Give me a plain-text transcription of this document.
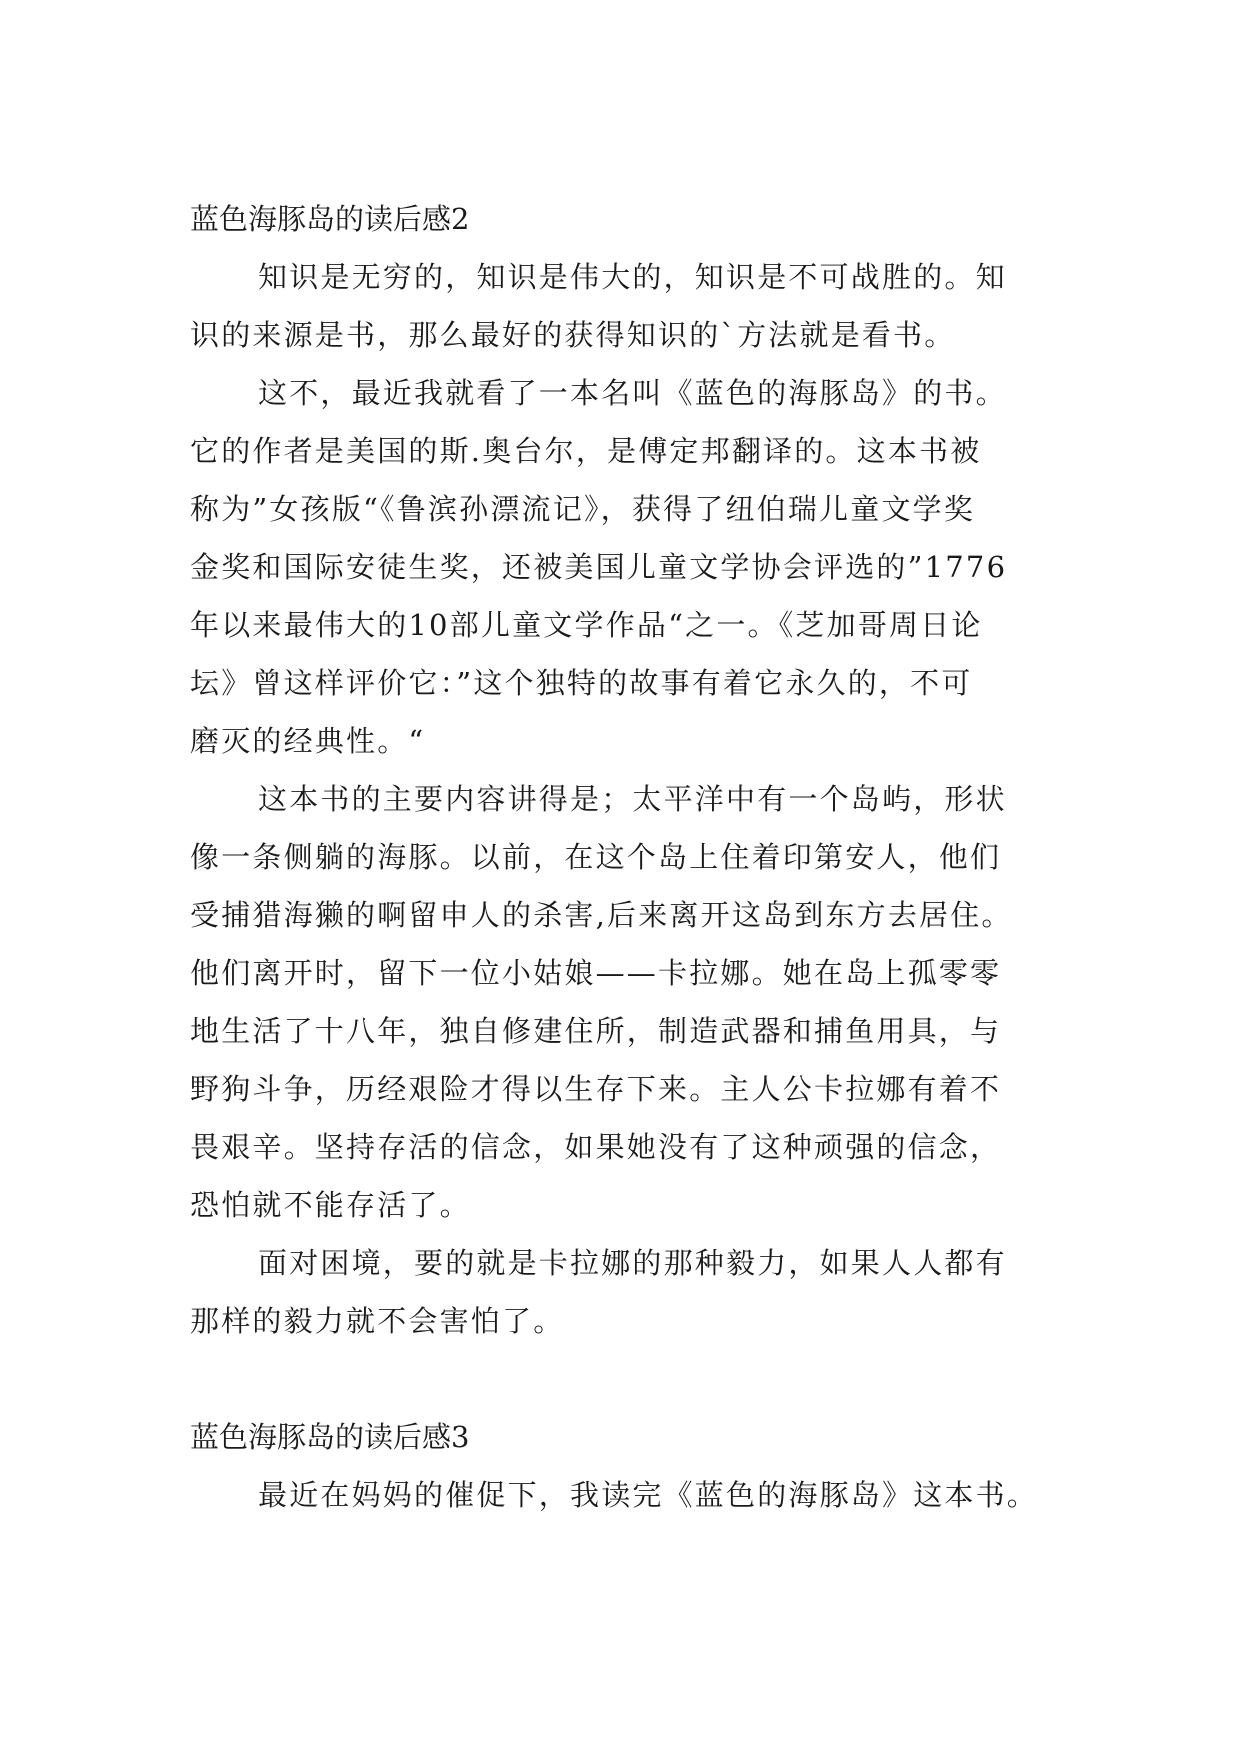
蓝色海豚岛的读后感2

知识是无穷的，知识是伟大的，知识是不可战胜的。知

识的来源是书，那么最好的获得知识的`方法就是看书。

这不，最近我就看了一本名叫《蓝色的海豚岛》的书。

它的作者是美国的斯.奥台尔，是傅定邦翻译的。这本书被

称为”女孩版“《鲁滨孙漂流记》，获得了纽伯瑞儿童文学奖

金奖和国际安徒生奖，还被美国儿童文学协会评选的”1776

年以来最伟大的10部儿童文学作品“之一。《芝加哥周日论

坛》曾这样评价它：”这个独特的故事有着它永久的，不可

磨灭的经典性。“

这本书的主要内容讲得是；太平洋中有一个岛屿，形状

像一条侧躺的海豚。以前，在这个岛上住着印第安人，他们

受捕猎海獭的啊留申人的杀害,后来离开这岛到东方去居住。

他们离开时，留下一位小姑娘——卡拉娜。她在岛上孤零零

地生活了十八年，独自修建住所，制造武器和捕鱼用具，与

野狗斗争，历经艰险才得以生存下来。主人公卡拉娜有着不

畏艰辛。坚持存活的信念，如果她没有了这种顽强的信念，

恐怕就不能存活了。

面对困境，要的就是卡拉娜的那种毅力，如果人人都有

那样的毅力就不会害怕了。

蓝色海豚岛的读后感3

最近在妈妈的催促下，我读完《蓝色的海豚岛》这本书。
